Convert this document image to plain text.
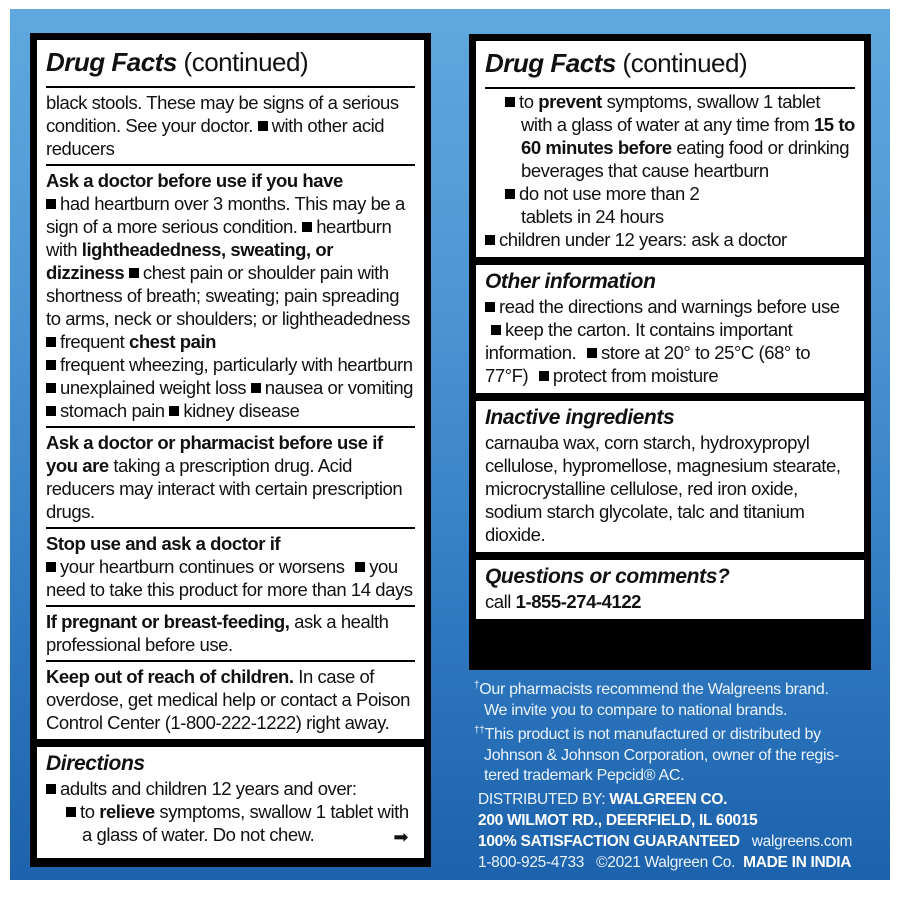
Drug Facts (continued)
black stools. These may be signs of a serious condition. See your doctor. with other acid reducers
Ask a doctor before use if you have
had heartburn over 3 months. This may be a sign of a more serious condition. heartburn with lightheadedness, sweating, or dizziness chest pain or shoulder pain with shortness of breath; sweating; pain spreading to arms, neck or shoulders; or lightheadedness frequent chest pain
frequent wheezing, particularly with heartburn
unexplained weight loss nausea or vomiting
stomach pain kidney disease
Ask a doctor or pharmacist before use if you are taking a prescription drug. Acid reducers may interact with certain prescription drugs.
Stop use and ask a doctor if
your heartburn continues or worsens you need to take this product for more than 14 days
If pregnant or breast-feeding, ask a health professional before use.
Keep out of reach of children. In case of overdose, get medical help or contact a Poison Control Center (1-800-222-1222) right away.
Directions
adults and children 12 years and over:
to relieve symptoms, swallow 1 tablet with a glass of water. Do not chew.	➡
Drug Facts (continued)
to prevent symptoms, swallow 1 tablet with a glass of water at any time from 15 to 60 minutes before eating food or drinking beverages that cause heartburn
do not use more than 2 tablets in 24 hours
children under 12 years: ask a doctor
Other information
read the directions and warnings before use keep the carton. It contains important information. store at 20° to 25°C (68° to 77°F) protect from moisture
Inactive ingredients
carnauba wax, corn starch, hydroxypropyl cellulose, hypromellose, magnesium stearate, microcrystalline cellulose, red iron oxide, sodium starch glycolate, talc and titanium dioxide.
Questions or comments?
call 1-855-274-4122
†Our pharmacists recommend the Walgreens brand.
We invite you to compare to national brands.
††This product is not manufactured or distributed by
Johnson & Johnson Corporation, owner of the regis-
tered trademark Pepcid® AC.
DISTRIBUTED BY: WALGREEN CO.
200 WILMOT RD., DEERFIELD, IL 60015
100% SATISFACTION GUARANTEED walgreens.com
1-800-925-4733 ©2021 Walgreen Co. MADE IN INDIA
